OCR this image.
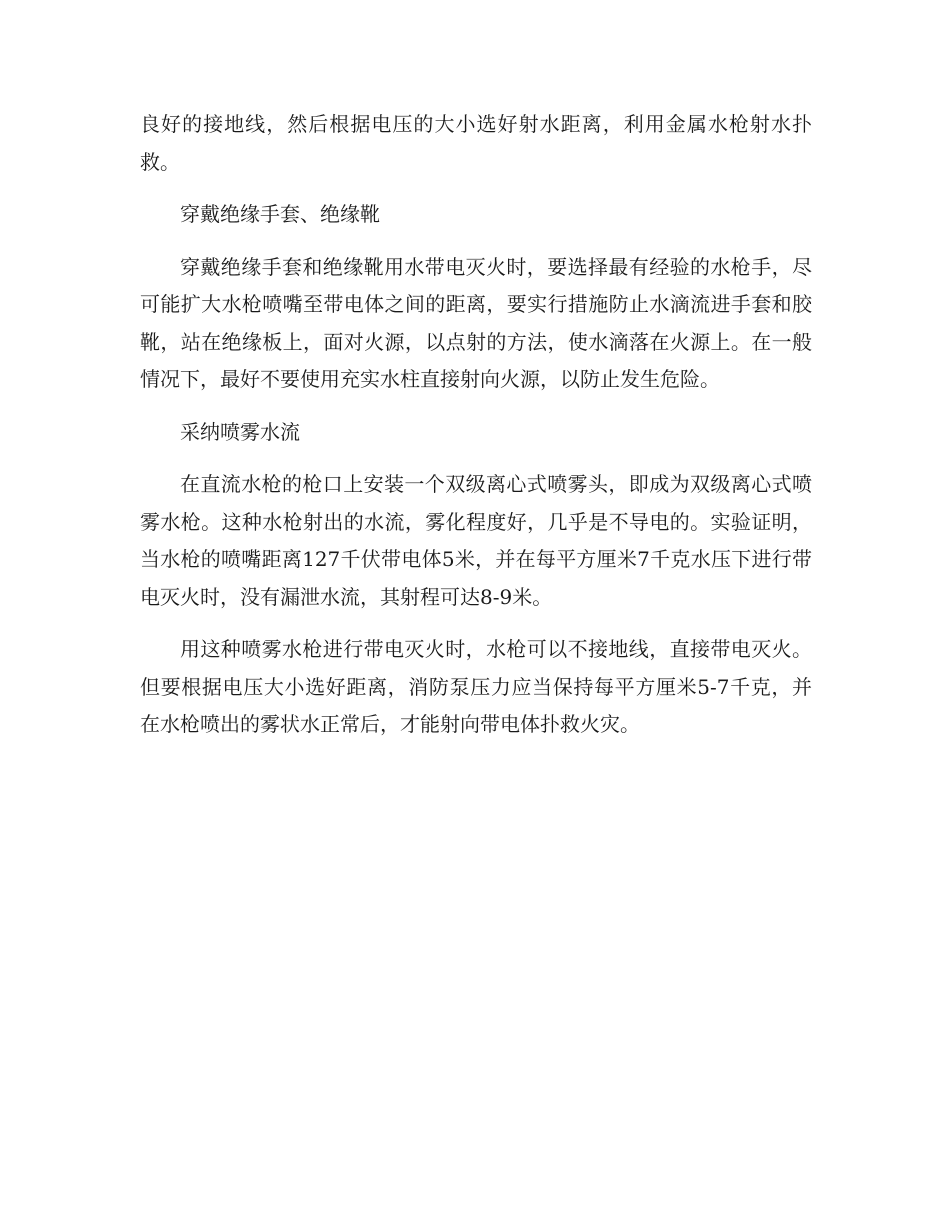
良好的接地线，然后根据电压的大小选好射水距离，利用金属水枪射水扑救。

穿戴绝缘手套、绝缘靴

穿戴绝缘手套和绝缘靴用水带电灭火时，要选择最有经验的水枪手，尽可能扩大水枪喷嘴至带电体之间的距离，要实行措施防止水滴流进手套和胶靴，站在绝缘板上，面对火源，以点射的方法，使水滴落在火源上。在一般情况下，最好不要使用充实水柱直接射向火源，以防止发生危险。

采纳喷雾水流

在直流水枪的枪口上安装一个双级离心式喷雾头，即成为双级离心式喷雾水枪。这种水枪射出的水流，雾化程度好，几乎是不导电的。实验证明，当水枪的喷嘴距离127千伏带电体5米，并在每平方厘米7千克水压下进行带电灭火时，没有漏泄水流，其射程可达8-9米。

用这种喷雾水枪进行带电灭火时，水枪可以不接地线，直接带电灭火。但要根据电压大小选好距离，消防泵压力应当保持每平方厘米5-7千克，并在水枪喷出的雾状水正常后，才能射向带电体扑救火灾。
